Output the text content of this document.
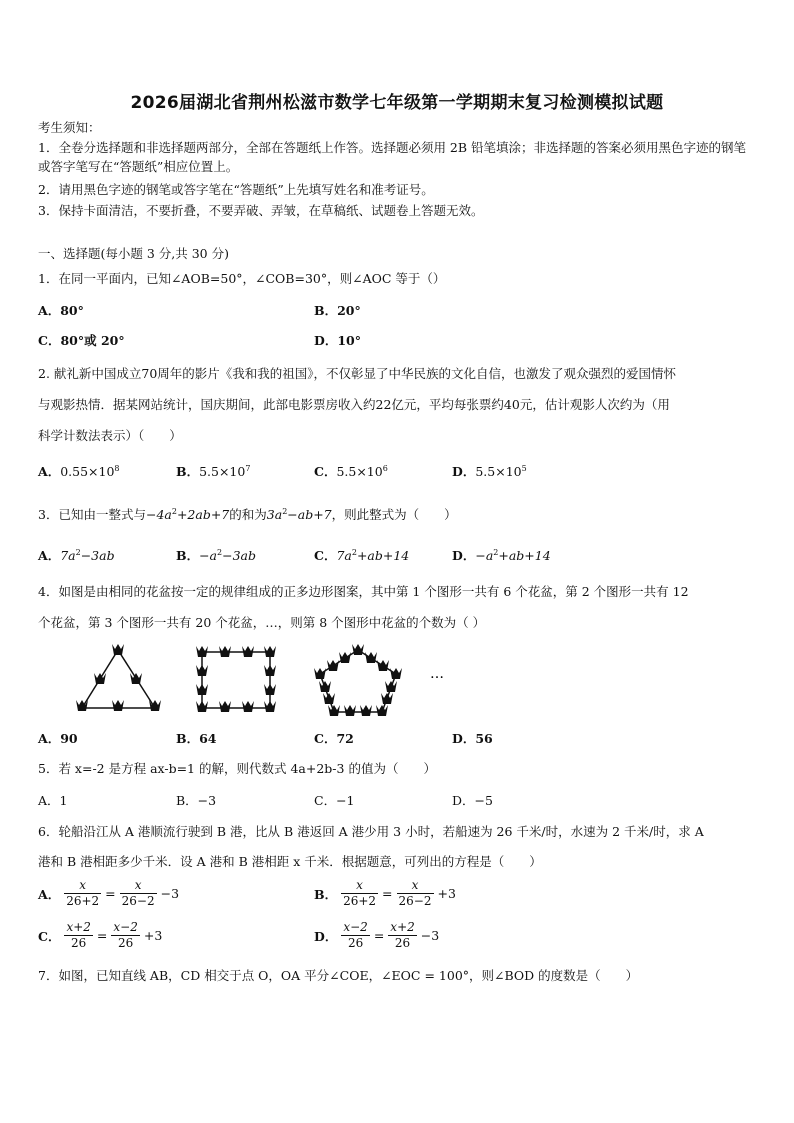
2026届湖北省荆州松滋市数学七年级第一学期期末复习检测模拟试题
考生须知：
1．全卷分选择题和非选择题两部分，全部在答题纸上作答。选择题必须用 2B 铅笔填涂；非选择题的答案必须用黑色字迹的钢笔或答字笔写在“答题纸”相应位置上。
2．请用黑色字迹的钢笔或答字笔在“答题纸”上先填写姓名和准考证号。
3．保持卡面清洁，不要折叠，不要弄破、弄皱，在草稿纸、试题卷上答题无效。
一、选择题(每小题 3 分,共 30 分)
1．在同一平面内，已知∠AOB=50°，∠COB=30°，则∠AOC 等于（）
A．80°	B．20°
C．80°或 20°	D．10°
2. 献礼新中国成立70周年的影片《我和我的祖国》，不仅彰显了中华民族的文化自信，也激发了观众强烈的爱国情怀
与观影热情．据某网站统计，国庆期间，此部电影票房收入约22亿元，平均每张票约40元，估计观影人次约为（用
科学计数法表示）（　　）
A．$0.55\times 10^8$	B．$5.5\times 10^7$	C．$5.5\times 10^6$	D．$5.5\times 10^5$
3．已知由一整式与$-4a^2+2ab+7$的和为$3a^2-ab+7$，则此整式为（　　）
A．$7a^2-3ab$	B．$-a^2-3ab$	C．$7a^2+ab+14$	D．$-a^2+ab+14$
4．如图是由相同的花盆按一定的规律组成的正多边形图案，其中第 1 个图形一共有 6 个花盆，第 2 个图形一共有 12
个花盆，第 3 个图形一共有 20 个花盆，…，则第 8 个图形中花盆的个数为（ ）
…
A．90	B．64	C．72	D．56
5．若 x=-2 是方程 ax-b=1 的解，则代数式 4a+2b-3 的值为（　　）
A．1	B．−3	C．−1	D．−5
6．轮船沿江从 A 港顺流行驶到 B 港，比从 B 港返回 A 港少用 3 小时，若船速为 26 千米/时，水速为 2 千米/时，求 A
港和 B 港相距多少千米．设 A 港和 B 港相距 x 千米．根据题意，可列出的方程是（　　）
A． $\frac{x}{26+2} = \frac{x}{26-2} -3$	B． $\frac{x}{26+2} = \frac{x}{26-2} +3$
C． $\frac{x+2}{26} = \frac{x-2}{26} +3$	D． $\frac{x-2}{26} = \frac{x+2}{26} -3$
7．如图，已知直线 AB，CD 相交于点 O，OA 平分∠COE，∠EOC = 100°，则∠BOD 的度数是（　　）
